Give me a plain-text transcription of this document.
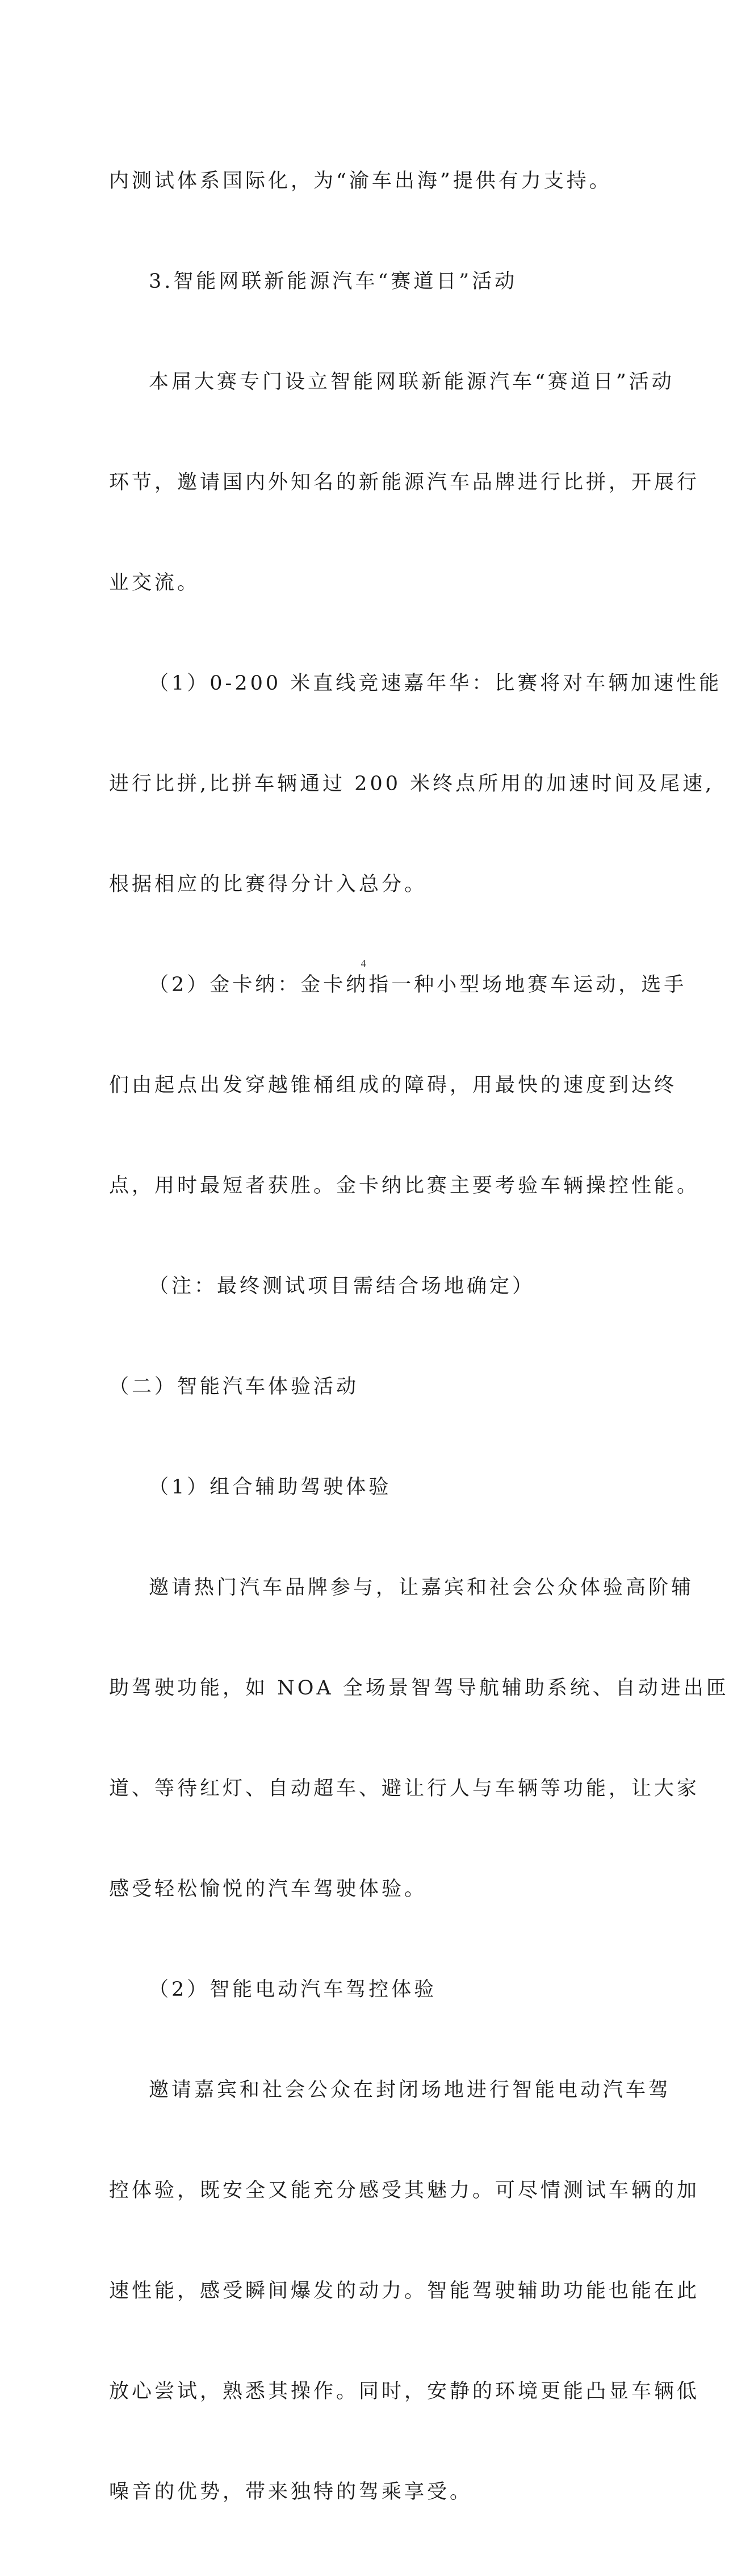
内测试体系国际化，为“渝车出海”提供有力支持。

3.智能网联新能源汽车“赛道日”活动

本届大赛专门设立智能网联新能源汽车“赛道日”活动

环节，邀请国内外知名的新能源汽车品牌进行比拼，开展行

业交流。

（1）0-200 米直线竞速嘉年华：比赛将对车辆加速性能

进行比拼,比拼车辆通过 200 米终点所用的加速时间及尾速,

根据相应的比赛得分计入总分。

（2）金卡纳：金卡纳指一种小型场地赛车运动，选手

们由起点出发穿越锥桶组成的障碍，用最快的速度到达终

点，用时最短者获胜。金卡纳比赛主要考验车辆操控性能。

（注：最终测试项目需结合场地确定）

（二）智能汽车体验活动

（1）组合辅助驾驶体验

邀请热门汽车品牌参与，让嘉宾和社会公众体验高阶辅

助驾驶功能，如 NOA 全场景智驾导航辅助系统、自动进出匝

道、等待红灯、自动超车、避让行人与车辆等功能，让大家

感受轻松愉悦的汽车驾驶体验。

（2）智能电动汽车驾控体验

邀请嘉宾和社会公众在封闭场地进行智能电动汽车驾

控体验，既安全又能充分感受其魅力。可尽情测试车辆的加

速性能，感受瞬间爆发的动力。智能驾驶辅助功能也能在此

放心尝试，熟悉其操作。同时，安静的环境更能凸显车辆低

噪音的优势，带来独特的驾乘享受。

4
